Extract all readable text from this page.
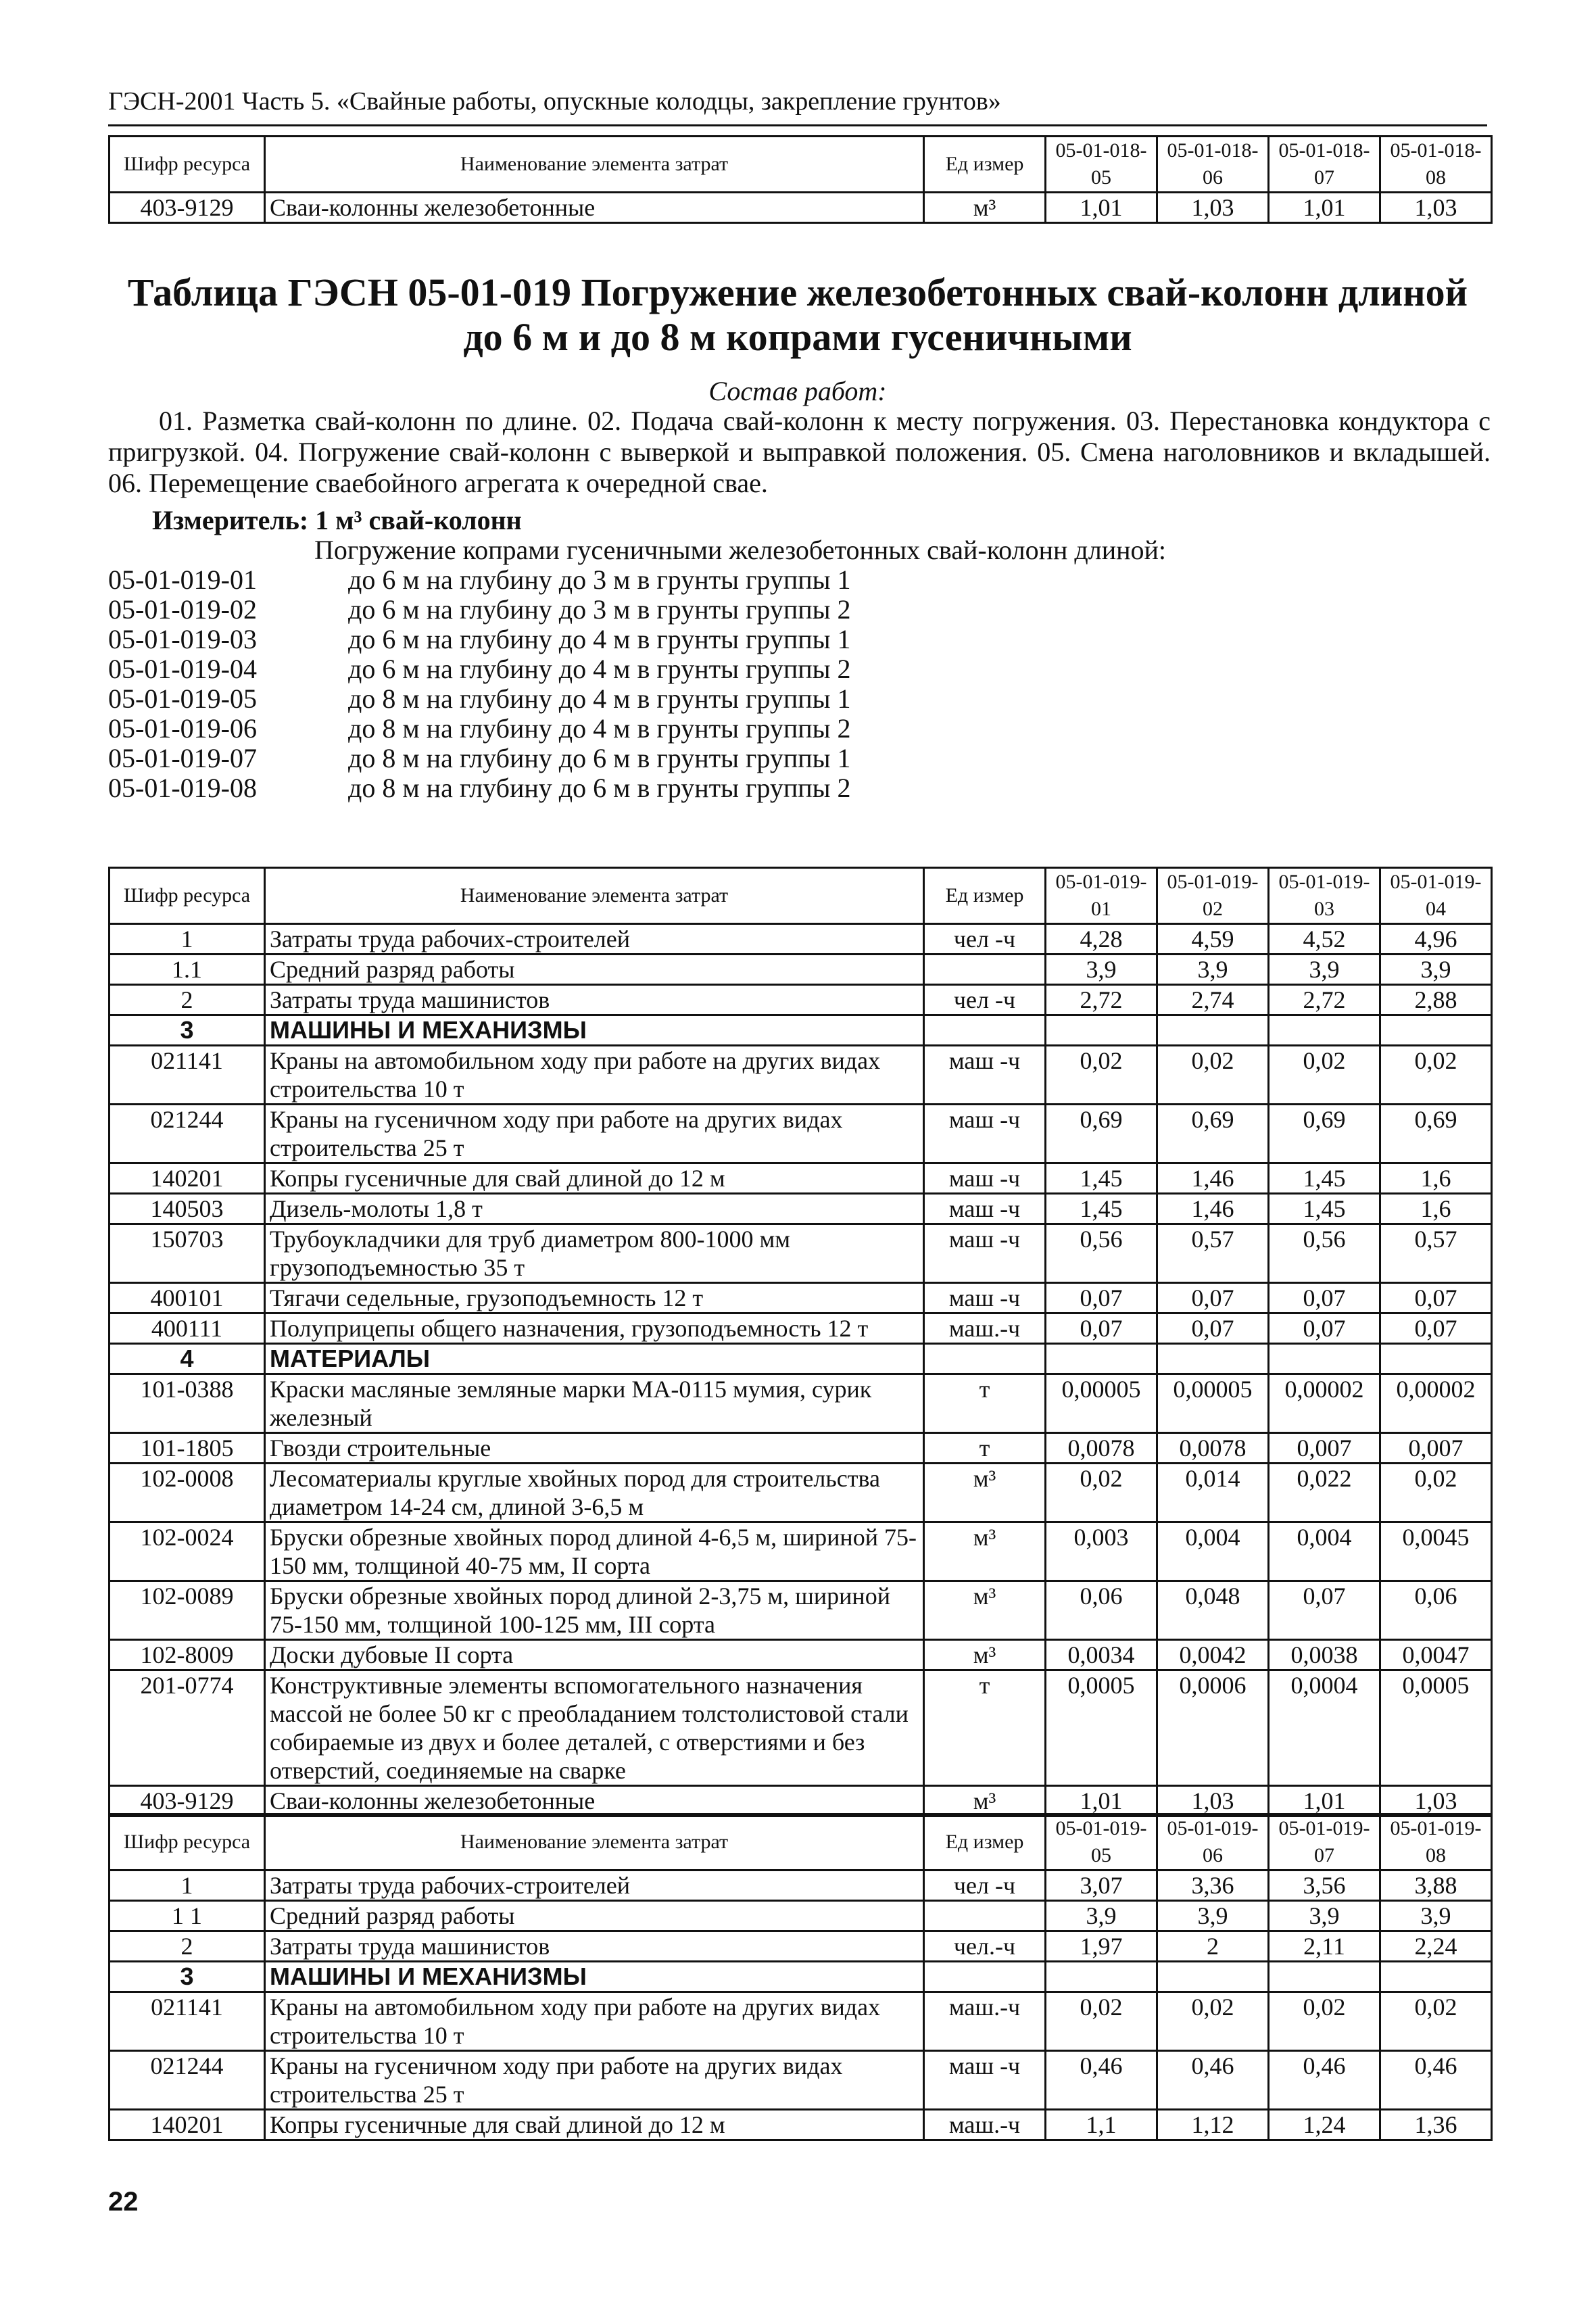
ГЭСН-2001 Часть 5. «Свайные работы, опускные колодцы, закрепление грунтов»
Шифр ресурса	Наименование элемента затрат	Ед измер	05-01-018-05	05-01-018-06	05-01-018-07	05-01-018-08
403-9129	Сваи-колонны железобетонные	м³	1,01	1,03	1,01	1,03
Таблица ГЭСН 05-01-019 Погружение железобетонных свай-колонн длиной до 6 м и до 8 м копрами гусеничными
Состав работ:
01. Разметка свай-колонн по длине. 02. Подача свай-колонн к месту погружения. 03. Перестановка кондуктора с пригрузкой. 04. Погружение свай-колонн с выверкой и выправкой положения. 05. Смена наголовников и вкладышей. 06. Перемещение сваебойного агрегата к очередной свае.
Измеритель: 1 м³ свай-колонн
Погружение копрами гусеничными железобетонных свай-колонн длиной:
05-01-019-01	до 6 м на глубину до 3 м в грунты группы 1
05-01-019-02	до 6 м на глубину до 3 м в грунты группы 2
05-01-019-03	до 6 м на глубину до 4 м в грунты группы 1
05-01-019-04	до 6 м на глубину до 4 м в грунты группы 2
05-01-019-05	до 8 м на глубину до 4 м в грунты группы 1
05-01-019-06	до 8 м на глубину до 4 м в грунты группы 2
05-01-019-07	до 8 м на глубину до 6 м в грунты группы 1
05-01-019-08	до 8 м на глубину до 6 м в грунты группы 2
Шифр ресурса	Наименование элемента затрат	Ед измер	05-01-019-01	05-01-019-02	05-01-019-03	05-01-019-04
1	Затраты труда рабочих-строителей	чел -ч	4,28	4,59	4,52	4,96
1.1	Средний разряд работы		3,9	3,9	3,9	3,9
2	Затраты труда машинистов	чел -ч	2,72	2,74	2,72	2,88
3	МАШИНЫ И МЕХАНИЗМЫ					
021141	Краны на автомобильном ходу при работе на других видах строительства 10 т	маш -ч	0,02	0,02	0,02	0,02
021244	Краны на гусеничном ходу при работе на других видах строительства 25 т	маш -ч	0,69	0,69	0,69	0,69
140201	Копры гусеничные для свай длиной до 12 м	маш -ч	1,45	1,46	1,45	1,6
140503	Дизель-молоты 1,8 т	маш -ч	1,45	1,46	1,45	1,6
150703	Трубоукладчики для труб диаметром 800-1000 мм грузоподъемностью 35 т	маш -ч	0,56	0,57	0,56	0,57
400101	Тягачи седельные, грузоподъемность 12 т	маш -ч	0,07	0,07	0,07	0,07
400111	Полуприцепы общего назначения, грузоподъемность 12 т	маш.-ч	0,07	0,07	0,07	0,07
4	МАТЕРИАЛЫ					
101-0388	Краски масляные земляные марки МА-0115 мумия, сурик железный	т	0,00005	0,00005	0,00002	0,00002
101-1805	Гвозди строительные	т	0,0078	0,0078	0,007	0,007
102-0008	Лесоматериалы круглые хвойных пород для строительства диаметром 14-24 см, длиной 3-6,5 м	м³	0,02	0,014	0,022	0,02
102-0024	Бруски обрезные хвойных пород длиной 4-6,5 м, шириной 75-150 мм, толщиной 40-75 мм, II сорта	м³	0,003	0,004	0,004	0,0045
102-0089	Бруски обрезные хвойных пород длиной 2-3,75 м, шириной 75-150 мм, толщиной 100-125 мм, III сорта	м³	0,06	0,048	0,07	0,06
102-8009	Доски дубовые II сорта	м³	0,0034	0,0042	0,0038	0,0047
201-0774	Конструктивные элементы вспомогательного назначения массой не более 50 кг с преобладанием толстолистовой стали собираемые из двух и более деталей, с отверстиями и без отверстий, соединяемые на сварке	т	0,0005	0,0006	0,0004	0,0005
403-9129	Сваи-колонны железобетонные	м³	1,01	1,03	1,01	1,03
Шифр ресурса	Наименование элемента затрат	Ед измер	05-01-019-05	05-01-019-06	05-01-019-07	05-01-019-08
1	Затраты труда рабочих-строителей	чел -ч	3,07	3,36	3,56	3,88
1 1	Средний разряд работы		3,9	3,9	3,9	3,9
2	Затраты труда машинистов	чел.-ч	1,97	2	2,11	2,24
3	МАШИНЫ И МЕХАНИЗМЫ					
021141	Краны на автомобильном ходу при работе на других видах строительства 10 т	маш.-ч	0,02	0,02	0,02	0,02
021244	Краны на гусеничном ходу при работе на других видах строительства 25 т	маш -ч	0,46	0,46	0,46	0,46
140201	Копры гусеничные для свай длиной до 12 м	маш.-ч	1,1	1,12	1,24	1,36
22
